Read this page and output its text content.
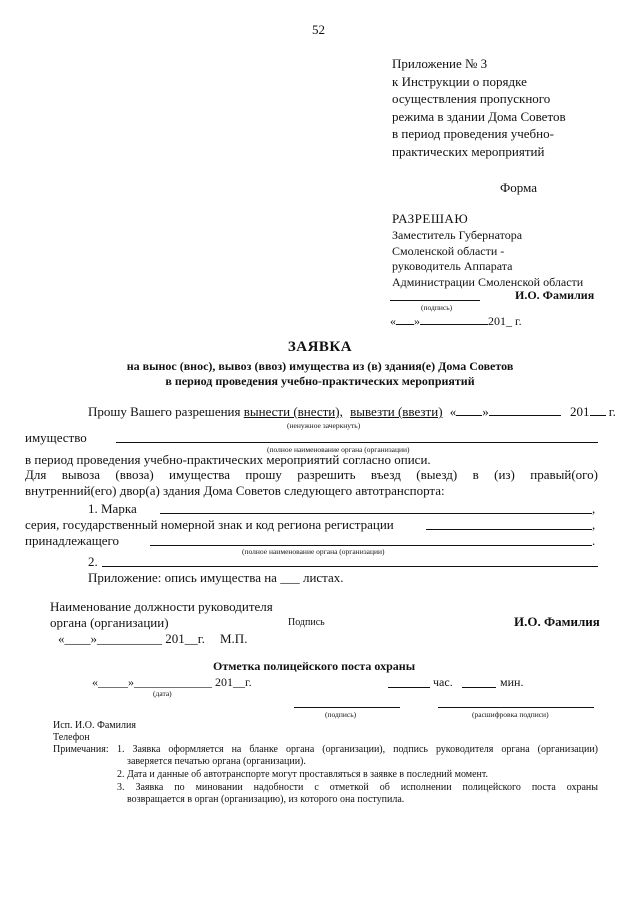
52
Приложение № 3
к Инструкции о порядке
осуществления пропускного
режима в здании Дома Советов
в период проведения учебно-
практических мероприятий
Форма
РАЗРЕШАЮ
Заместитель Губернатора
Смоленской области -
руководитель Аппарата
Администрации Смоленской области
И.О. Фамилия
(подпись)
« »	201_ г.
ЗАЯВКА
на вынос (внос), вывоз (ввоз) имущества из (в) здания(е) Дома Советов
в период проведения учебно-практических мероприятий
Прошу Вашего разрешения вынести (внести), вывезти (ввезти) « »	201 г.
(ненужное зачеркнуть)
имущество
(полное наименование органа (организации)
в период проведения учебно-практических мероприятий согласно описи.
Для вывоза (ввоза) имущества прошу разрешить въезд (выезд) в (из) правый(ого)
внутренний(его) двор(а) здания Дома Советов следующего автотранспорта:
1. Марка	,
серия, государственный номерной знак и код региона регистрации	,
принадлежащего	.
(полное наименование органа (организации)
2.
Приложение: опись имущества на ___ листах.
Наименование должности руководителя
органа (организации)	Подпись	И.О. Фамилия
«____»__________ 201__г. М.П.
Отметка полицейского поста охраны
«_____»_____________ 201__г.
(дата)
час.	мин.
(подпись)	(расшифровка подписи)
Исп. И.О. Фамилия
Телефон
Примечания: 1. Заявка оформляется на бланке органа (организации), подпись руководителя органа (организации)
заверяется печатью органа (организации).
2. Дата и данные об автотранспорте могут проставляться в заявке в последний момент.
3. Заявка по миновании надобности с отметкой об исполнении полицейского поста охраны
возвращается в орган (организацию), из которого она поступила.
